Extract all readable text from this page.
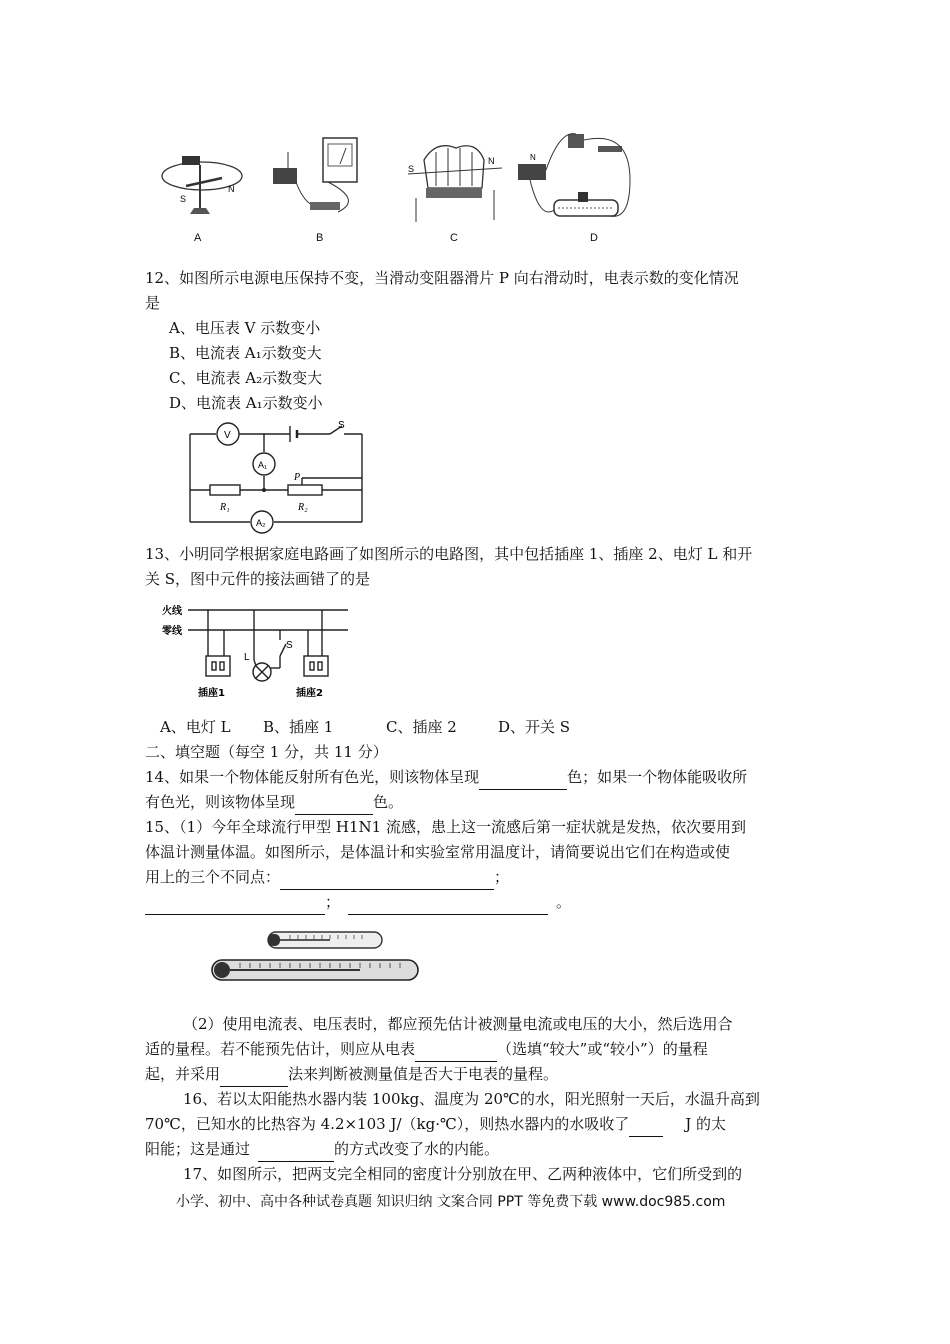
S
N
S
N	N
A	B	C	D
12、如图所示电源电压保持不变，当滑动变阻器滑片 P 向右滑动时，电表示数的变化情况
是
A、电压表 V 示数变小
B、电流表 A₁示数变大
C、电流表 A₂示数变大
D、电流表 A₁示数变小
V
A₁
A₂
S
P
R₁	R₂
13、小明同学根据家庭电路画了如图所示的电路图，其中包括插座 1、插座 2、电灯 L 和开
关 S，图中元件的接法画错了的是
火线
零线
L
S
插座1	插座2
A、电灯 L B、插座 1	C、插座 2	D、开关 S
二、填空题（每空 1 分，共 11 分）
14、如果一个物体能反射所有色光，则该物体呈现	色；如果一个物体能吸收所
有色光，则该物体呈现	色。
15、（1）今年全球流行甲型 H1N1 流感，患上这一流感后第一症状就是发热，依次要用到
体温计测量体温。如图所示，是体温计和实验室常用温度计，请简要说出它们在构造或使
用上的三个不同点：	；
；	。
（2）使用电流表、电压表时，都应预先估计被测量电流或电压的大小，然后选用合
适的量程。若不能预先估计，则应从电表	（选填“较大”或“较小”）的量程
起，并采用	法来判断被测量值是否大于电表的量程。
16、若以太阳能热水器内装 100kg、温度为 20℃的水，阳光照射一天后，水温升高到
70℃，已知水的比热容为 4.2×103 J/（kg·℃），则热水器内的水吸收了	J 的太
阳能；这是通过	的方式改变了水的内能。
17、如图所示，把两支完全相同的密度计分别放在甲、乙两种液体中，它们所受到的
小学、初中、高中各种试卷真题 知识归纳 文案合同 PPT 等免费下载 www.doc985.com
